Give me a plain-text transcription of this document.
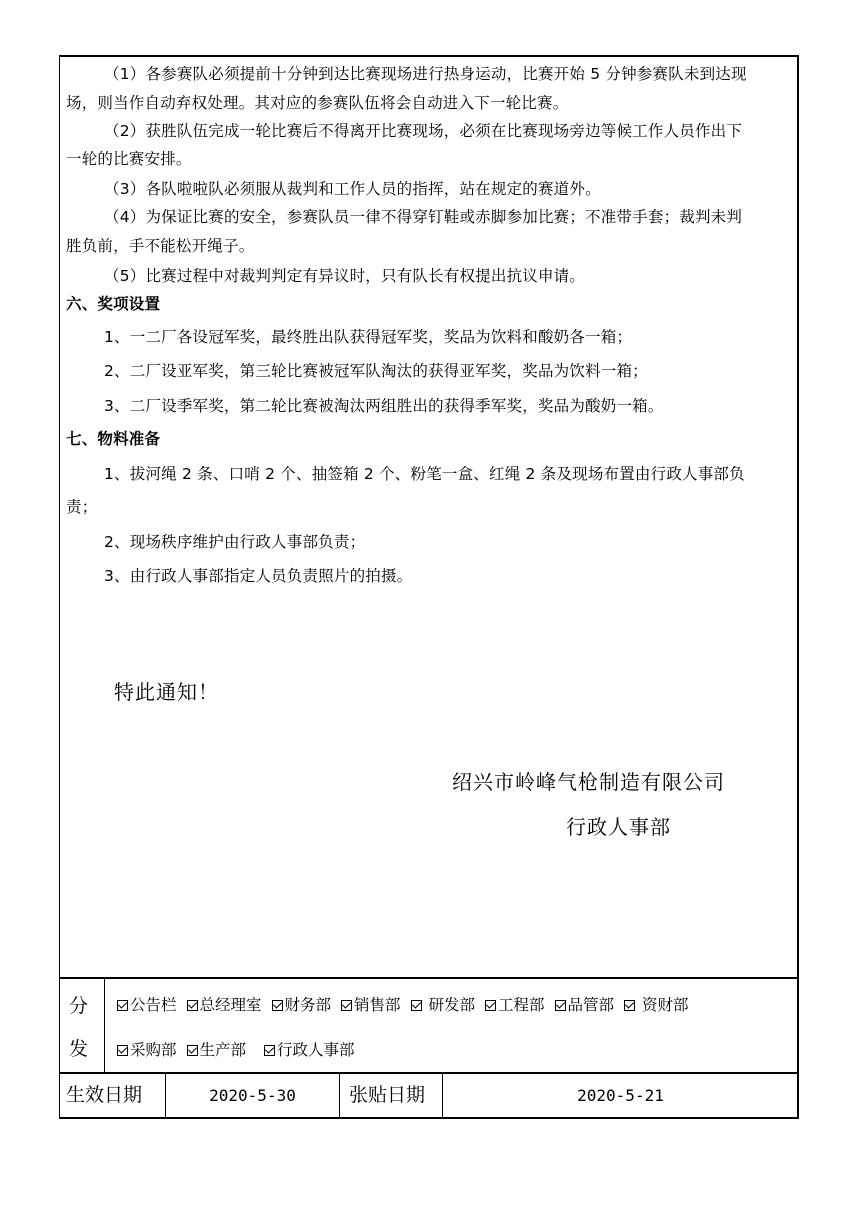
（1）各参赛队必须提前十分钟到达比赛现场进行热身运动，比赛开始 5 分钟参赛队未到达现
场，则当作自动弃权处理。其对应的参赛队伍将会自动进入下一轮比赛。
（2）获胜队伍完成一轮比赛后不得离开比赛现场，必须在比赛现场旁边等候工作人员作出下
一轮的比赛安排。
（3）各队啦啦队必须服从裁判和工作人员的指挥，站在规定的赛道外。
（4）为保证比赛的安全，参赛队员一律不得穿钉鞋或赤脚参加比赛；不准带手套；裁判未判
胜负前，手不能松开绳子。
（5）比赛过程中对裁判判定有异议时，只有队长有权提出抗议申请。
六、奖项设置
1、一二厂各设冠军奖，最终胜出队获得冠军奖，奖品为饮料和酸奶各一箱；
2、二厂设亚军奖，第三轮比赛被冠军队淘汰的获得亚军奖，奖品为饮料一箱；
3、二厂设季军奖，第二轮比赛被淘汰两组胜出的获得季军奖，奖品为酸奶一箱。
七、物料准备
1、拔河绳 2 条、口哨 2 个、抽签箱 2 个、粉笔一盒、红绳 2 条及现场布置由行政人事部负
责；
2、现场秩序维护由行政人事部负责；
3、由行政人事部指定人员负责照片的拍摄。
特此通知！
绍兴市岭峰气枪制造有限公司
行政人事部
分
发
公告栏 总经理室 财务部 销售部 研发部 工程部 品管部 资财部
采购部 生产部 行政人事部
生效日期	2020-5-30	张贴日期	2020-5-21
